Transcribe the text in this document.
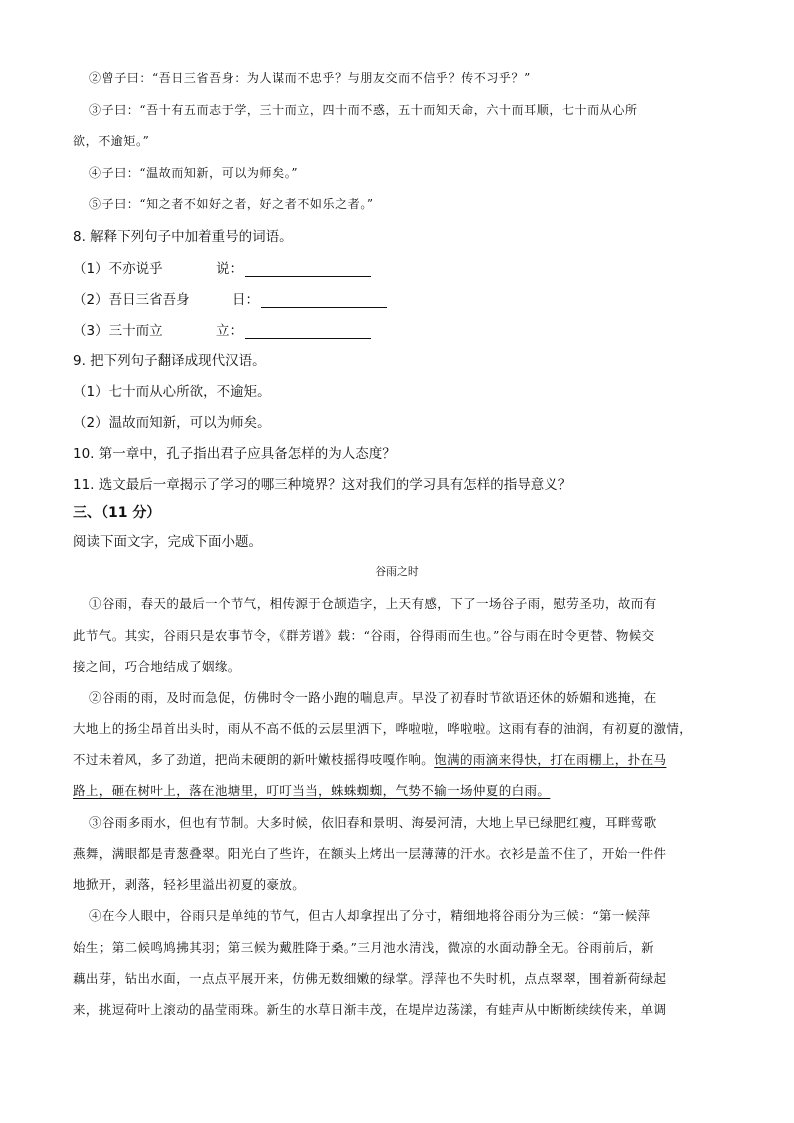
②曾子曰：“吾日三省吾身：为人谋而不忠乎？与朋友交而不信乎？传不习乎？”
③子曰：“吾十有五而志于学，三十而立，四十而不惑，五十而知天命，六十而耳顺，七十而从心所
欲，不逾矩。”
④子曰：“温故而知新，可以为师矣。”
⑤子曰：“知之者不如好之者，好之者不如乐之者。”
8. 解释下列句子中加着重号的词语。
（1）不亦说乎	说：
（2）吾日三省吾身	日：
（3）三十而立	立：
9. 把下列句子翻译成现代汉语。
（1）七十而从心所欲，不逾矩。
（2）温故而知新，可以为师矣。
10. 第一章中，孔子指出君子应具备怎样的为人态度？
11. 选文最后一章揭示了学习的哪三种境界？这对我们的学习具有怎样的指导意义？
三、（11 分）
阅读下面文字，完成下面小题。
谷雨之时
①谷雨，春天的最后一个节气，相传源于仓颉造字，上天有感，下了一场谷子雨，慰劳圣功，故而有
此节气。其实，谷雨只是农事节令，《群芳谱》载：“谷雨，谷得雨而生也。”谷与雨在时令更替、物候交
接之间，巧合地结成了姻缘。
②谷雨的雨，及时而急促，仿佛时令一路小跑的喘息声。早没了初春时节欲语还休的娇媚和逃掩，在
大地上的扬尘昂首出头时，雨从不高不低的云层里洒下，哗啦啦，哗啦啦。这雨有春的油润，有初夏的激情，
不过未着风，多了劲道，把尚未硬朗的新叶嫩枝摇得吱嘎作响。饱满的雨滴来得快，打在雨棚上，扑在马
路上，砸在树叶上，落在池塘里，叮叮当当，蛛蛛蜘蜘，气势不输一场仲夏的白雨。
③谷雨多雨水，但也有节制。大多时候，依旧春和景明、海晏河清，大地上早已绿肥红瘦，耳畔莺歌
燕舞，满眼都是青葱叠翠。阳光白了些许，在额头上烤出一层薄薄的汗水。衣衫是盖不住了，开始一件件
地掀开，剥落，轻衫里溢出初夏的豪放。
④在今人眼中，谷雨只是单纯的节气，但古人却拿捏出了分寸，精细地将谷雨分为三候：“第一候萍
始生；第二候鸣鸠拂其羽；第三候为戴胜降于桑。”三月池水清浅，微凉的水面动静全无。谷雨前后，新
藕出芽，钻出水面，一点点平展开来，仿佛无数细嫩的绿掌。浮萍也不失时机，点点翠翠，围着新荷绿起
来，挑逗荷叶上滚动的晶莹雨珠。新生的水草日渐丰茂，在堤岸边荡漾，有蛙声从中断断续续传来，单调
